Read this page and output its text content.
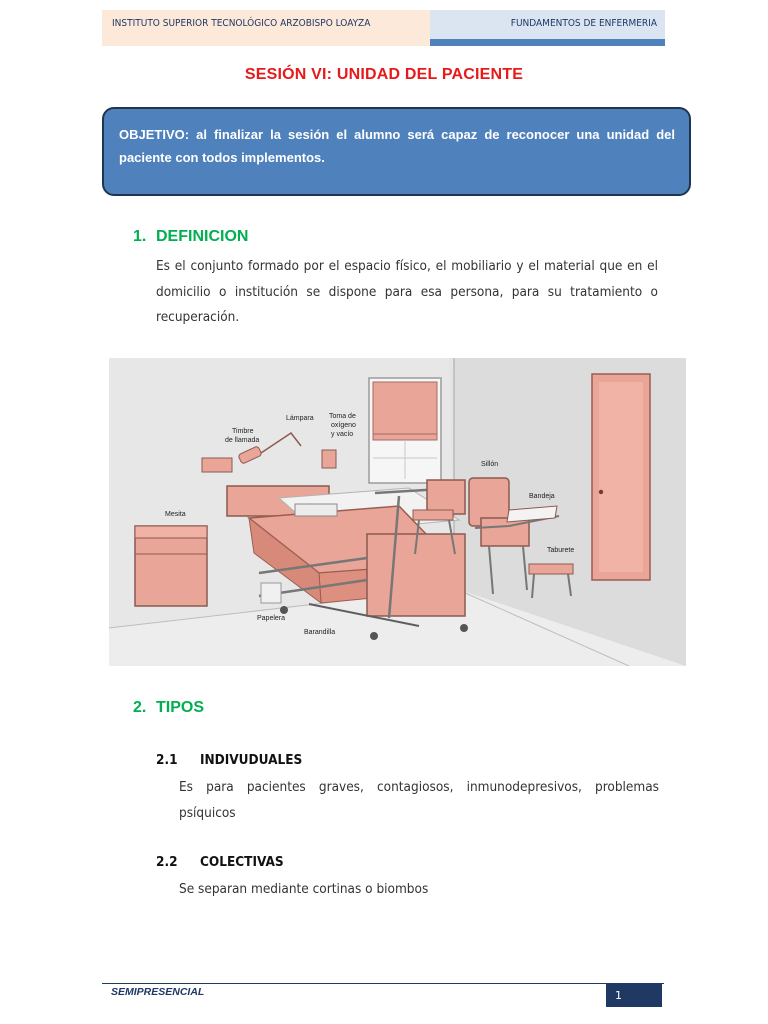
INSTITUTO SUPERIOR TECNOLÓGICO ARZOBISPO LOAYZA	FUNDAMENTOS DE ENFERMERIA
SESIÓN VI: UNIDAD DEL PACIENTE
OBJETIVO: al finalizar la sesión el alumno será capaz de reconocer una unidad del paciente con todos implementos.
1. DEFINICION
Es el conjunto formado por el espacio físico, el mobiliario y el material que en el domicilio o institución se dispone para esa persona, para su tratamiento o recuperación.
Timbre
de llamada
Lámpara Toma de
oxígeno
y vacío
Sillón
Bandeja
Taburete
Mesita
Papelera
Barandilla
2. TIPOS
2.1 INDIVUDUALES
Es para pacientes graves, contagiosos, inmunodepresivos, problemas psíquicos
2.2 COLECTIVAS
Se separan mediante cortinas o biombos
SEMIPRESENCIAL	1
